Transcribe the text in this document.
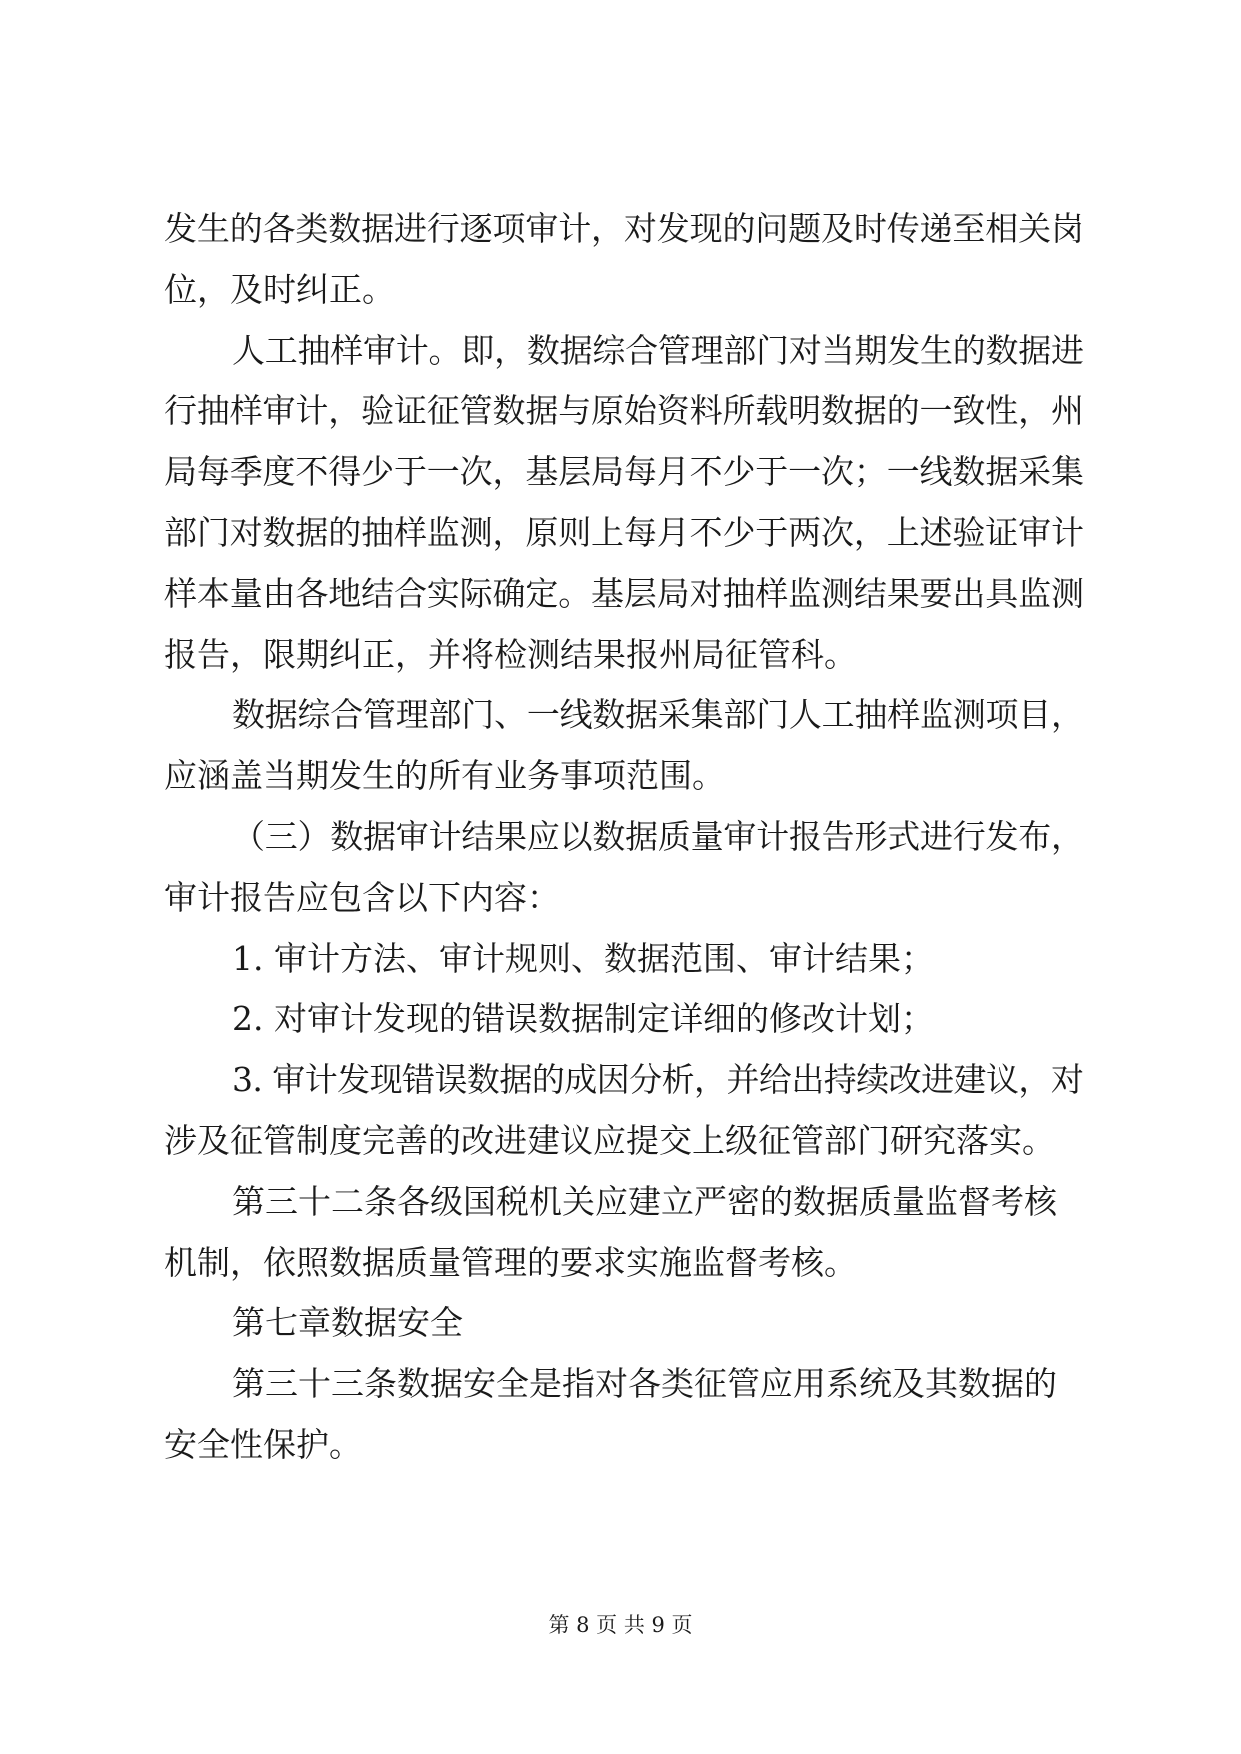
发生的各类数据进行逐项审计，对发现的问题及时传递至相关岗

位，及时纠正。

人工抽样审计。即，数据综合管理部门对当期发生的数据进

行抽样审计，验证征管数据与原始资料所载明数据的一致性，州

局每季度不得少于一次，基层局每月不少于一次；一线数据采集

部门对数据的抽样监测，原则上每月不少于两次，上述验证审计

样本量由各地结合实际确定。基层局对抽样监测结果要出具监测

报告，限期纠正，并将检测结果报州局征管科。

数据综合管理部门、一线数据采集部门人工抽样监测项目，

应涵盖当期发生的所有业务事项范围。

（三）数据审计结果应以数据质量审计报告形式进行发布，

审计报告应包含以下内容：

1. 审计方法、审计规则、数据范围、审计结果；

2. 对审计发现的错误数据制定详细的修改计划；

3. 审计发现错误数据的成因分析，并给出持续改进建议，对

涉及征管制度完善的改进建议应提交上级征管部门研究落实。

第三十二条各级国税机关应建立严密的数据质量监督考核

机制，依照数据质量管理的要求实施监督考核。

第七章数据安全

第三十三条数据安全是指对各类征管应用系统及其数据的

安全性保护。

第 8 页 共 9 页
